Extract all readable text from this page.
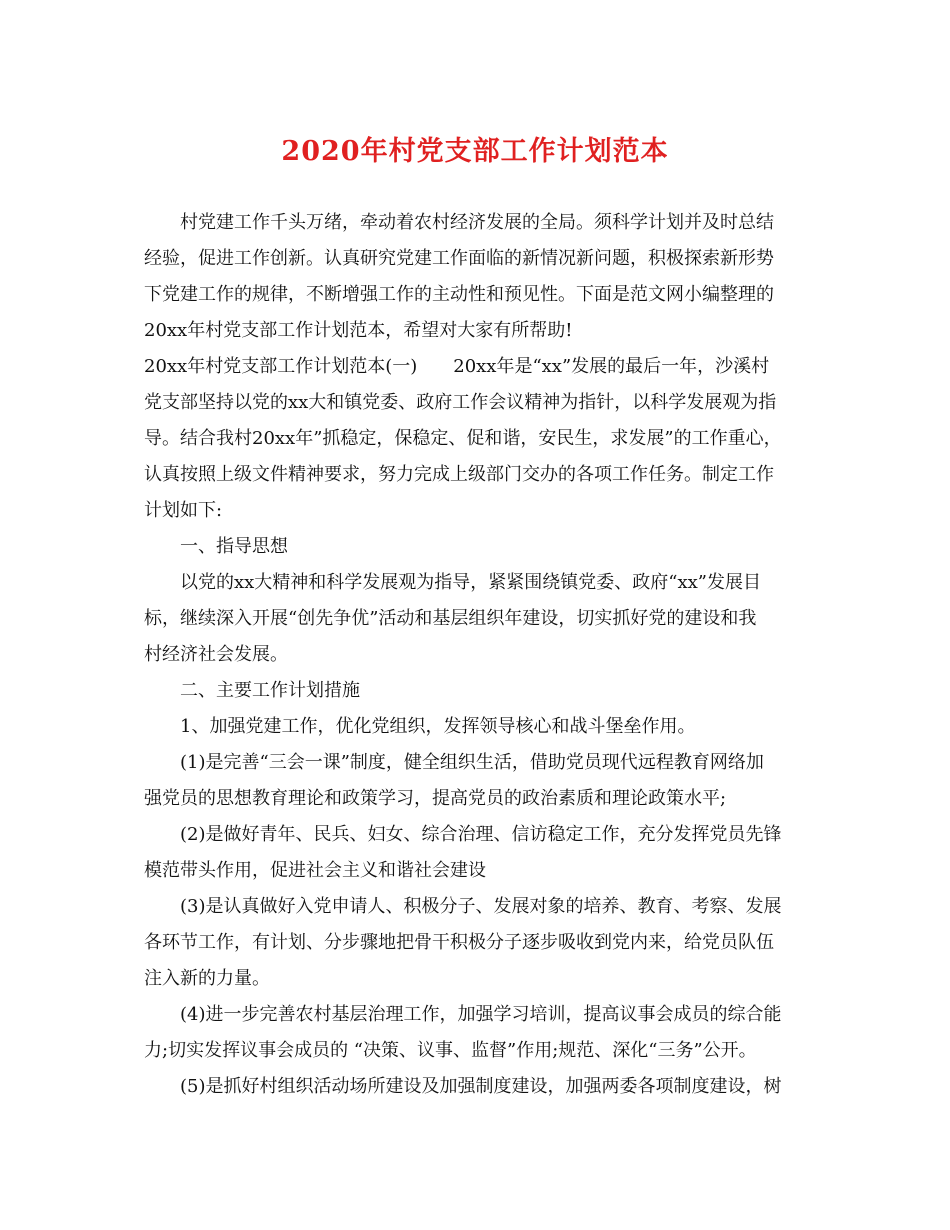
2020年村党支部工作计划范本
　　村党建工作千头万绪，牵动着农村经济发展的全局。须科学计划并及时总结
经验，促进工作创新。认真研究党建工作面临的新情况新问题，积极探索新形势
下党建工作的规律，不断增强工作的主动性和预见性。下面是范文网小编整理的
20xx年村党支部工作计划范本，希望对大家有所帮助!
20xx年村党支部工作计划范本(一)　　20xx年是“xx”发展的最后一年，沙溪村
党支部坚持以党的xx大和镇党委、政府工作会议精神为指针，以科学发展观为指
导。结合我村20xx年”抓稳定，保稳定、促和谐，安民生，求发展”的工作重心，
认真按照上级文件精神要求，努力完成上级部门交办的各项工作任务。制定工作
计划如下:
　　一、指导思想
　　以党的xx大精神和科学发展观为指导，紧紧围绕镇党委、政府“xx”发展目
标，继续深入开展“创先争优”活动和基层组织年建设，切实抓好党的建设和我
村经济社会发展。
　　二、主要工作计划措施
　　1、加强党建工作，优化党组织，发挥领导核心和战斗堡垒作用。
　　(1)是完善“三会一课”制度，健全组织生活，借助党员现代远程教育网络加
强党员的思想教育理论和政策学习，提高党员的政治素质和理论政策水平;
　　(2)是做好青年、民兵、妇女、综合治理、信访稳定工作，充分发挥党员先锋
模范带头作用，促进社会主义和谐社会建设
　　(3)是认真做好入党申请人、积极分子、发展对象的培养、教育、考察、发展
各环节工作，有计划、分步骤地把骨干积极分子逐步吸收到党内来，给党员队伍
注入新的力量。
　　(4)进一步完善农村基层治理工作，加强学习培训，提高议事会成员的综合能
力;切实发挥议事会成员的 “决策、议事、监督”作用;规范、深化“三务”公开。
　　(5)是抓好村组织活动场所建设及加强制度建设，加强两委各项制度建设，树
